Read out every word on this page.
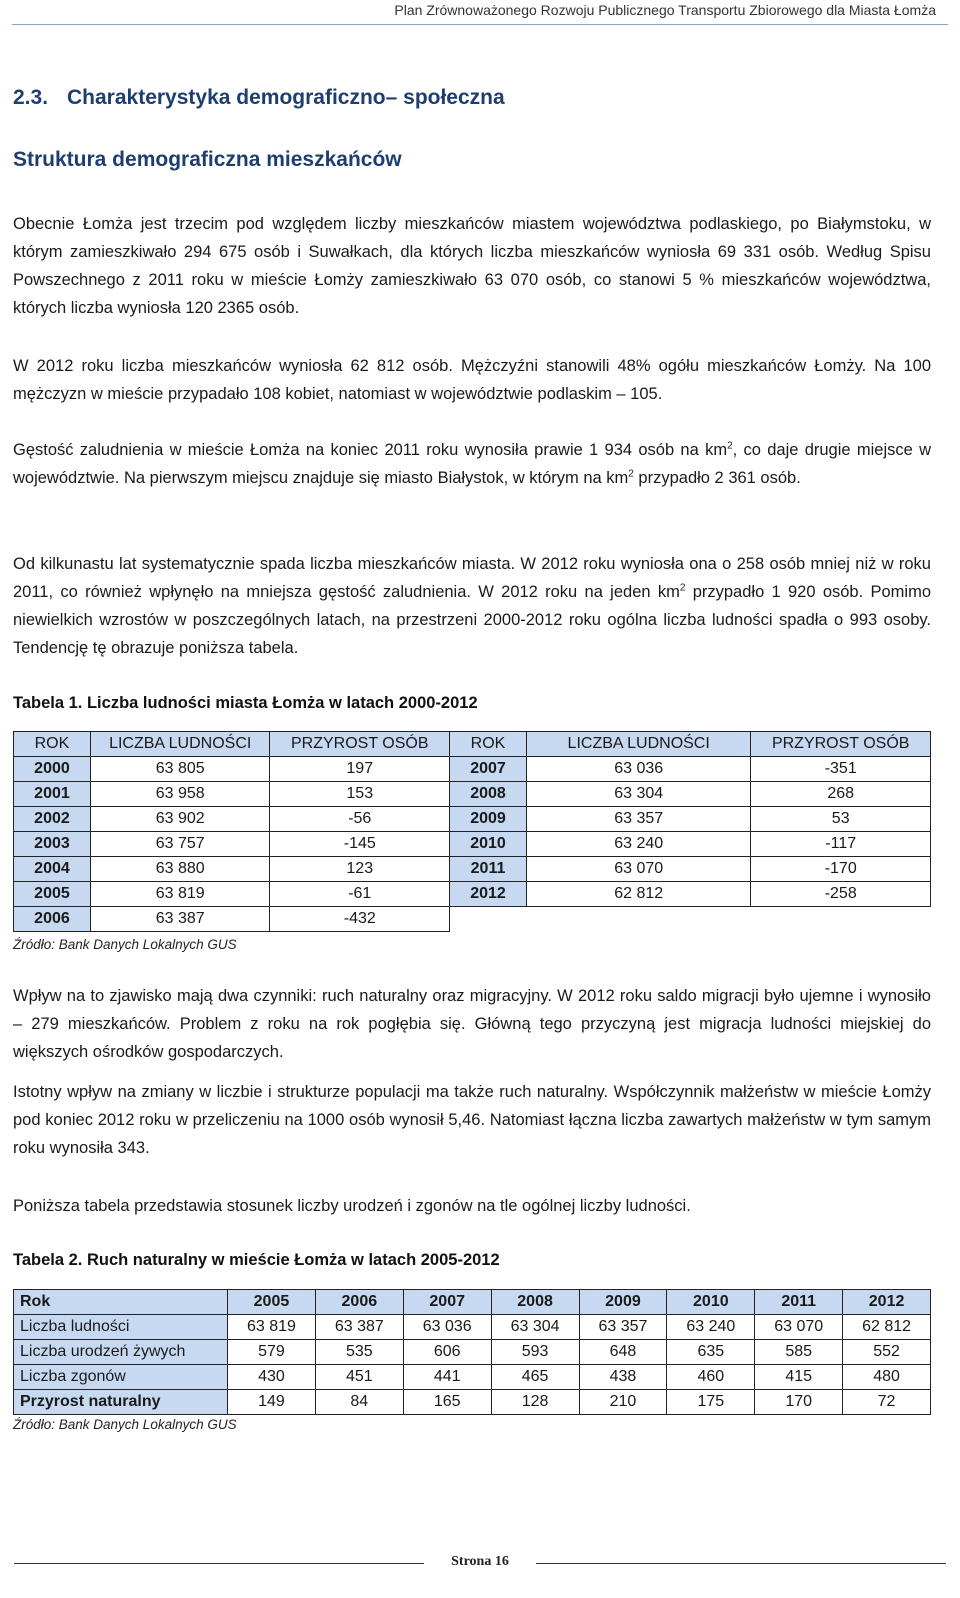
Plan Zrównoważonego Rozwoju Publicznego Transportu Zbiorowego dla Miasta Łomża
2.3. Charakterystyka demograficzno– społeczna
Struktura demograficzna mieszkańców

Obecnie Łomża jest trzecim pod względem liczby mieszkańców miastem województwa podlaskiego, po Białymstoku, w którym zamieszkiwało 294 675 osób i Suwałkach, dla których liczba mieszkańców wyniosła 69 331 osób. Według Spisu Powszechnego z 2011 roku w mieście Łomży zamieszkiwało 63 070 osób, co stanowi 5 % mieszkańców województwa, których liczba wyniosła 120 2365 osób.

W 2012 roku liczba mieszkańców wyniosła 62 812 osób. Mężczyźni stanowili 48% ogółu mieszkańców Łomży. Na 100 mężczyzn w mieście przypadało 108 kobiet, natomiast w województwie podlaskim – 105.

Gęstość zaludnienia w mieście Łomża na koniec 2011 roku wynosiła prawie 1 934 osób na $km^2$, co daje drugie miejsce w województwie. Na pierwszym miejscu znajduje się miasto Białystok, w którym na $km^2$ przypadło 2 361 osób.

Od kilkunastu lat systematycznie spada liczba mieszkańców miasta. W 2012 roku wyniosła ona o 258 osób mniej niż w roku 2011, co również wpłynęło na mniejsza gęstość zaludnienia. W 2012 roku na jeden $km^2$ przypadło 1 920 osób. Pomimo niewielkich wzrostów w poszczególnych latach, na przestrzeni 2000-2012 roku ogólna liczba ludności spadła o 993 osoby. Tendencję tę obrazuje poniższa tabela.

Tabela 1. Liczba ludności miasta Łomża w latach 2000-2012
ROK	LICZBA LUDNOŚCI	PRZYROST OSÓB	ROK	LICZBA LUDNOŚCI	PRZYROST OSÓB
2000	63 805	197	2007	63 036	-351
2001	63 958	153	2008	63 304	268
2002	63 902	-56	2009	63 357	53
2003	63 757	-145	2010	63 240	-117
2004	63 880	123	2011	63 070	-170
2005	63 819	-61	2012	62 812	-258
2006	63 387	-432			
Źródło: Bank Danych Lokalnych GUS

Wpływ na to zjawisko mają dwa czynniki: ruch naturalny oraz migracyjny. W 2012 roku saldo migracji było ujemne i wynosiło – 279 mieszkańców. Problem z roku na rok pogłębia się. Główną tego przyczyną jest migracja ludności miejskiej do większych ośrodków gospodarczych.

Istotny wpływ na zmiany w liczbie i strukturze populacji ma także ruch naturalny. Współczynnik małżeństw w mieście Łomży pod koniec 2012 roku w przeliczeniu na 1000 osób wynosił 5,46. Natomiast łączna liczba zawartych małżeństw w tym samym roku wynosiła 343.

Poniższa tabela przedstawia stosunek liczby urodzeń i zgonów na tle ogólnej liczby ludności.

Tabela 2. Ruch naturalny w mieście Łomża w latach 2005-2012
Rok	2005	2006	2007	2008	2009	2010	2011	2012
Liczba ludności	63 819	63 387	63 036	63 304	63 357	63 240	63 070	62 812
Liczba urodzeń żywych	579	535	606	593	648	635	585	552
Liczba zgonów	430	451	441	465	438	460	415	480
Przyrost naturalny	149	84	165	128	210	175	170	72
Źródło: Bank Danych Lokalnych GUS
Strona 16
